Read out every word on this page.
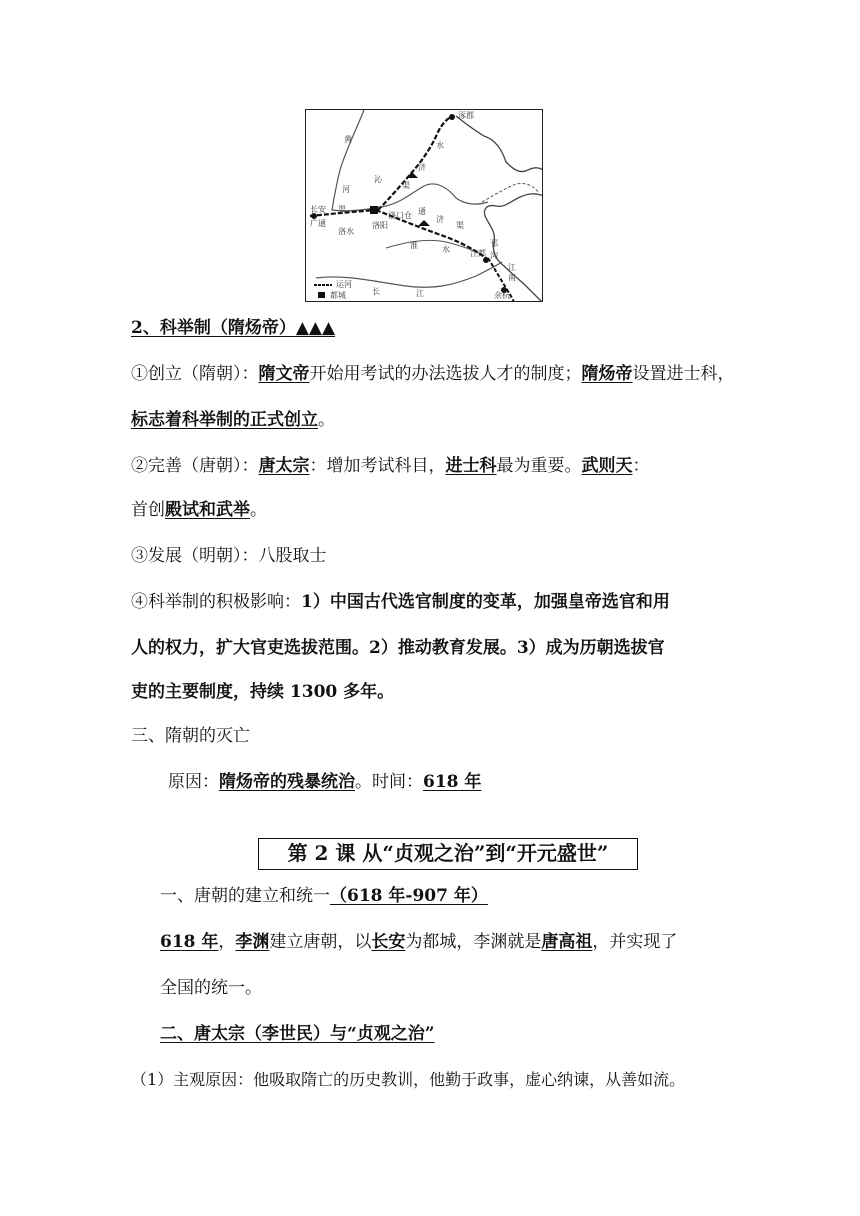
涿郡
黄
河
水
济
沁
渠
长安
广通
渠
洛阳
洛口仓
洛水
通
济
渠
淮	水	江都
邗
沟
江
南
余杭
长	江
运河
都城
2、科举制（隋炀帝）▲▲▲
①创立（隋朝）：隋文帝开始用考试的办法选拔人才的制度；隋炀帝设置进士科，
标志着科举制的正式创立。
②完善（唐朝）：唐太宗：增加考试科目，进士科最为重要。武则天：
首创殿试和武举。
③发展（明朝）：八股取士
④科举制的积极影响：1）中国古代选官制度的变革，加强皇帝选官和用
人的权力，扩大官吏选拔范围。2）推动教育发展。3）成为历朝选拔官
吏的主要制度，持续 1300 多年。
三、隋朝的灭亡
原因：隋炀帝的残暴统治。时间：618 年
第 2 课 从“贞观之治”到“开元盛世”
一、唐朝的建立和统一（618 年-907 年）
618 年，李渊建立唐朝，以长安为都城，李渊就是唐高祖，并实现了
全国的统一。
二、唐太宗（李世民）与“贞观之治”
（1）主观原因：他吸取隋亡的历史教训，他勤于政事，虚心纳谏，从善如流。
